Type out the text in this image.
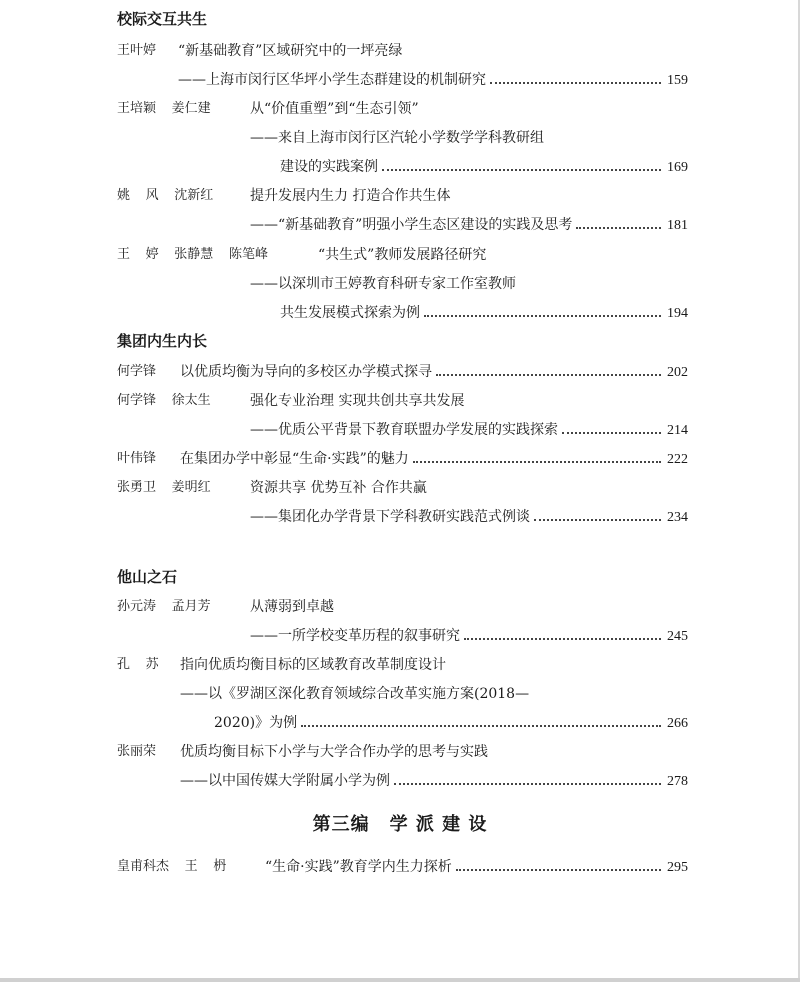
校际交互共生
王叶婷 “新基础教育”区域研究中的一坪亮绿
——上海市闵行区华坪小学生态群建设的机制研究	159
王培颖  姜仁建	从“价值重塑”到“生态引领”
——来自上海市闵行区汽轮小学数学学科教研组
建设的实践案例	169
姚  风  沈新红	提升发展内生力 打造合作共生体
——“新基础教育”明强小学生态区建设的实践及思考	181
王  婷  张静慧  陈笔峰	“共生式”教师发展路径研究
——以深圳市王婷教育科研专家工作室教师
共生发展模式探索为例	194
集团内生内长
何学锋 以优质均衡为导向的多校区办学模式探寻	202
何学锋  徐太生	强化专业治理 实现共创共享共发展
——优质公平背景下教育联盟办学发展的实践探索	214
叶伟锋 在集团办学中彰显“生命·实践”的魅力	222
张勇卫  姜明红	资源共享 优势互补 合作共赢
——集团化办学背景下学科教研实践范式例谈	234
他山之石
孙元涛  孟月芳	从薄弱到卓越
——一所学校变革历程的叙事研究	245
孔  苏 指向优质均衡目标的区域教育改革制度设计
——以《罗湖区深化教育领域综合改革实施方案(2018—
2020)》为例	266
张丽荣 优质均衡目标下小学与大学合作办学的思考与实践
——以中国传媒大学附属小学为例	278
第三编 学 派 建 设
皇甫科杰  王  枬	“生命·实践”教育学内生力探析	295
